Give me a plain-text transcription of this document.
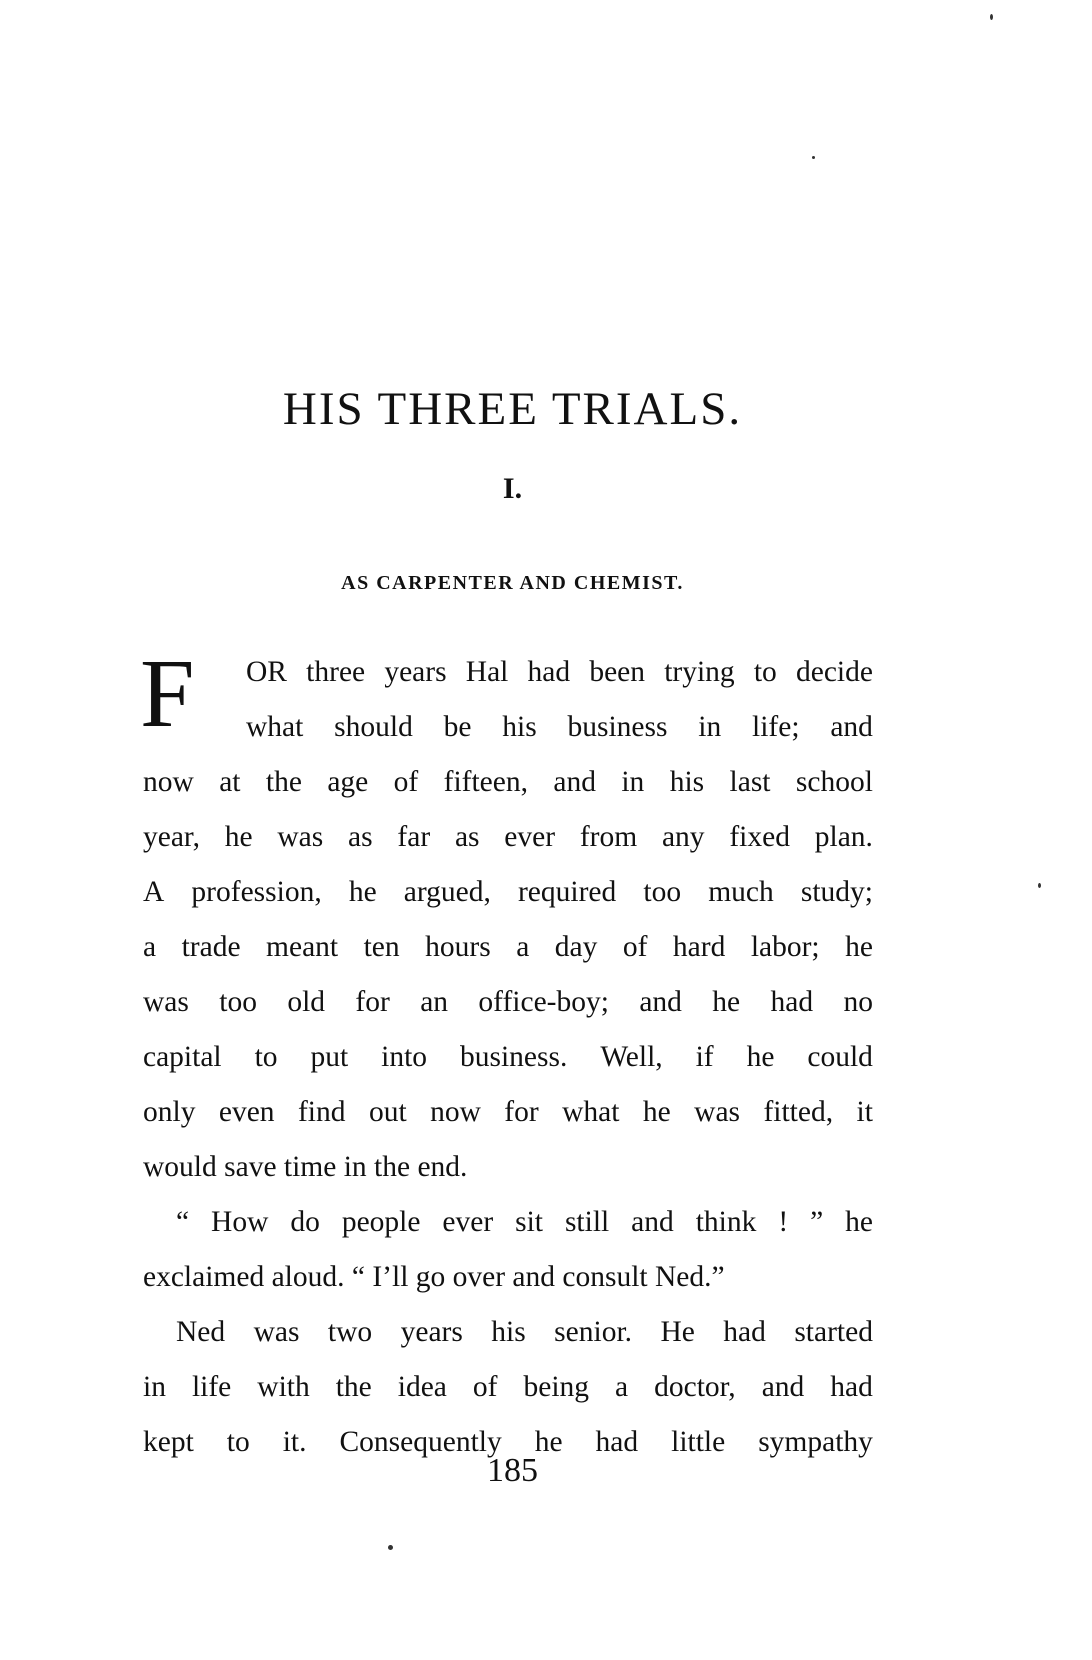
HIS THREE TRIALS.
I.
AS CARPENTER AND CHEMIST.
F OR three years Hal had been trying to decide
what should be his business in life; and
now at the age of fifteen, and in his last school
year, he was as far as ever from any fixed plan.
A profession, he argued, required too much study;
a trade meant ten hours a day of hard labor; he
was too old for an office-boy; and he had no
capital to put into business. Well, if he could
only even find out now for what he was fitted, it
would save time in the end.
“ How do people ever sit still and think ! ” he
exclaimed aloud. “ I’ll go over and consult Ned.”
Ned was two years his senior. He had started
in life with the idea of being a doctor, and had
kept to it. Consequently he had little sympathy
185
